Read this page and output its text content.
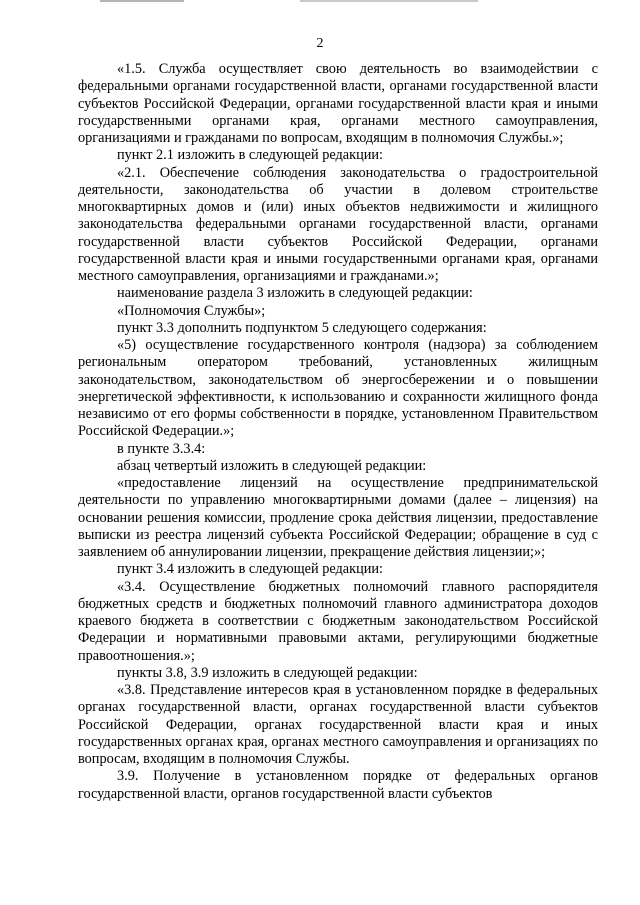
2

«1.5. Служба осуществляет свою деятельность во взаимодействии с федеральными органами государственной власти, органами государственной власти субъектов Российской Федерации, органами государственной власти края и иными государственными органами края, органами местного самоуправления, организациями и гражданами по вопросам, входящим в полномочия Службы.»;

пункт 2.1 изложить в следующей редакции:

«2.1. Обеспечение соблюдения законодательства о градостроительной деятельности, законодательства об участии в долевом строительстве многоквартирных домов и (или) иных объектов недвижимости и жилищного законодательства федеральными органами государственной власти, органами государственной власти субъектов Российской Федерации, органами государственной власти края и иными государственными органами края, органами местного самоуправления, организациями и гражданами.»;

наименование раздела 3 изложить в следующей редакции:

«Полномочия Службы»;

пункт 3.3 дополнить подпунктом 5 следующего содержания:

«5) осуществление государственного контроля (надзора) за соблюдением региональным оператором требований, установленных жилищным законодательством, законодательством об энергосбережении и о повышении энергетической эффективности, к использованию и сохранности жилищного фонда независимо от его формы собственности в порядке, установленном Правительством Российской Федерации.»;

в пункте 3.3.4:

абзац четвертый изложить в следующей редакции:

«предоставление лицензий на осуществление предпринимательской деятельности по управлению многоквартирными домами (далее – лицензия) на основании решения комиссии, продление срока действия лицензии, предоставление выписки из реестра лицензий субъекта Российской Федерации; обращение в суд с заявлением об аннулировании лицензии, прекращение действия лицензии;»;

пункт 3.4 изложить в следующей редакции:

«3.4. Осуществление бюджетных полномочий главного распорядителя бюджетных средств и бюджетных полномочий главного администратора доходов краевого бюджета в соответствии с бюджетным законодательством Российской Федерации и нормативными правовыми актами, регулирующими бюджетные правоотношения.»;

пункты 3.8, 3.9 изложить в следующей редакции:

«3.8. Представление интересов края в установленном порядке в федеральных органах государственной власти, органах государственной власти субъектов Российской Федерации, органах государственной власти края и иных государственных органах края, органах местного самоуправления и организациях по вопросам, входящим в полномочия Службы.

3.9. Получение в установленном порядке от федеральных органов государственной власти, органов государственной власти субъектов
